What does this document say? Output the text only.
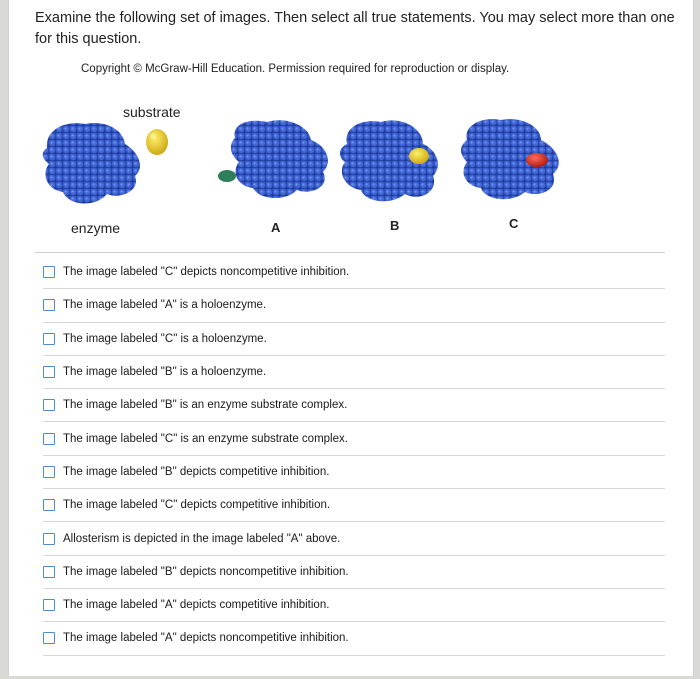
Examine the following set of images. Then select all true statements. You may select more than one for this question.
Copyright © McGraw-Hill Education. Permission required for reproduction or display.
substrate
enzyme	A	B	C
The image labeled "C" depicts noncompetitive inhibition.
The image labeled "A" is a holoenzyme.
The image labeled "C" is a holoenzyme.
The image labeled "B" is a holoenzyme.
The image labeled "B" is an enzyme substrate complex.
The image labeled "C" is an enzyme substrate complex.
The image labeled "B" depicts competitive inhibition.
The image labeled "C" depicts competitive inhibition.
Allosterism is depicted in the image labeled "A" above.
The image labeled "B" depicts noncompetitive inhibition.
The image labeled "A" depicts competitive inhibition.
The image labeled "A" depicts noncompetitive inhibition.
